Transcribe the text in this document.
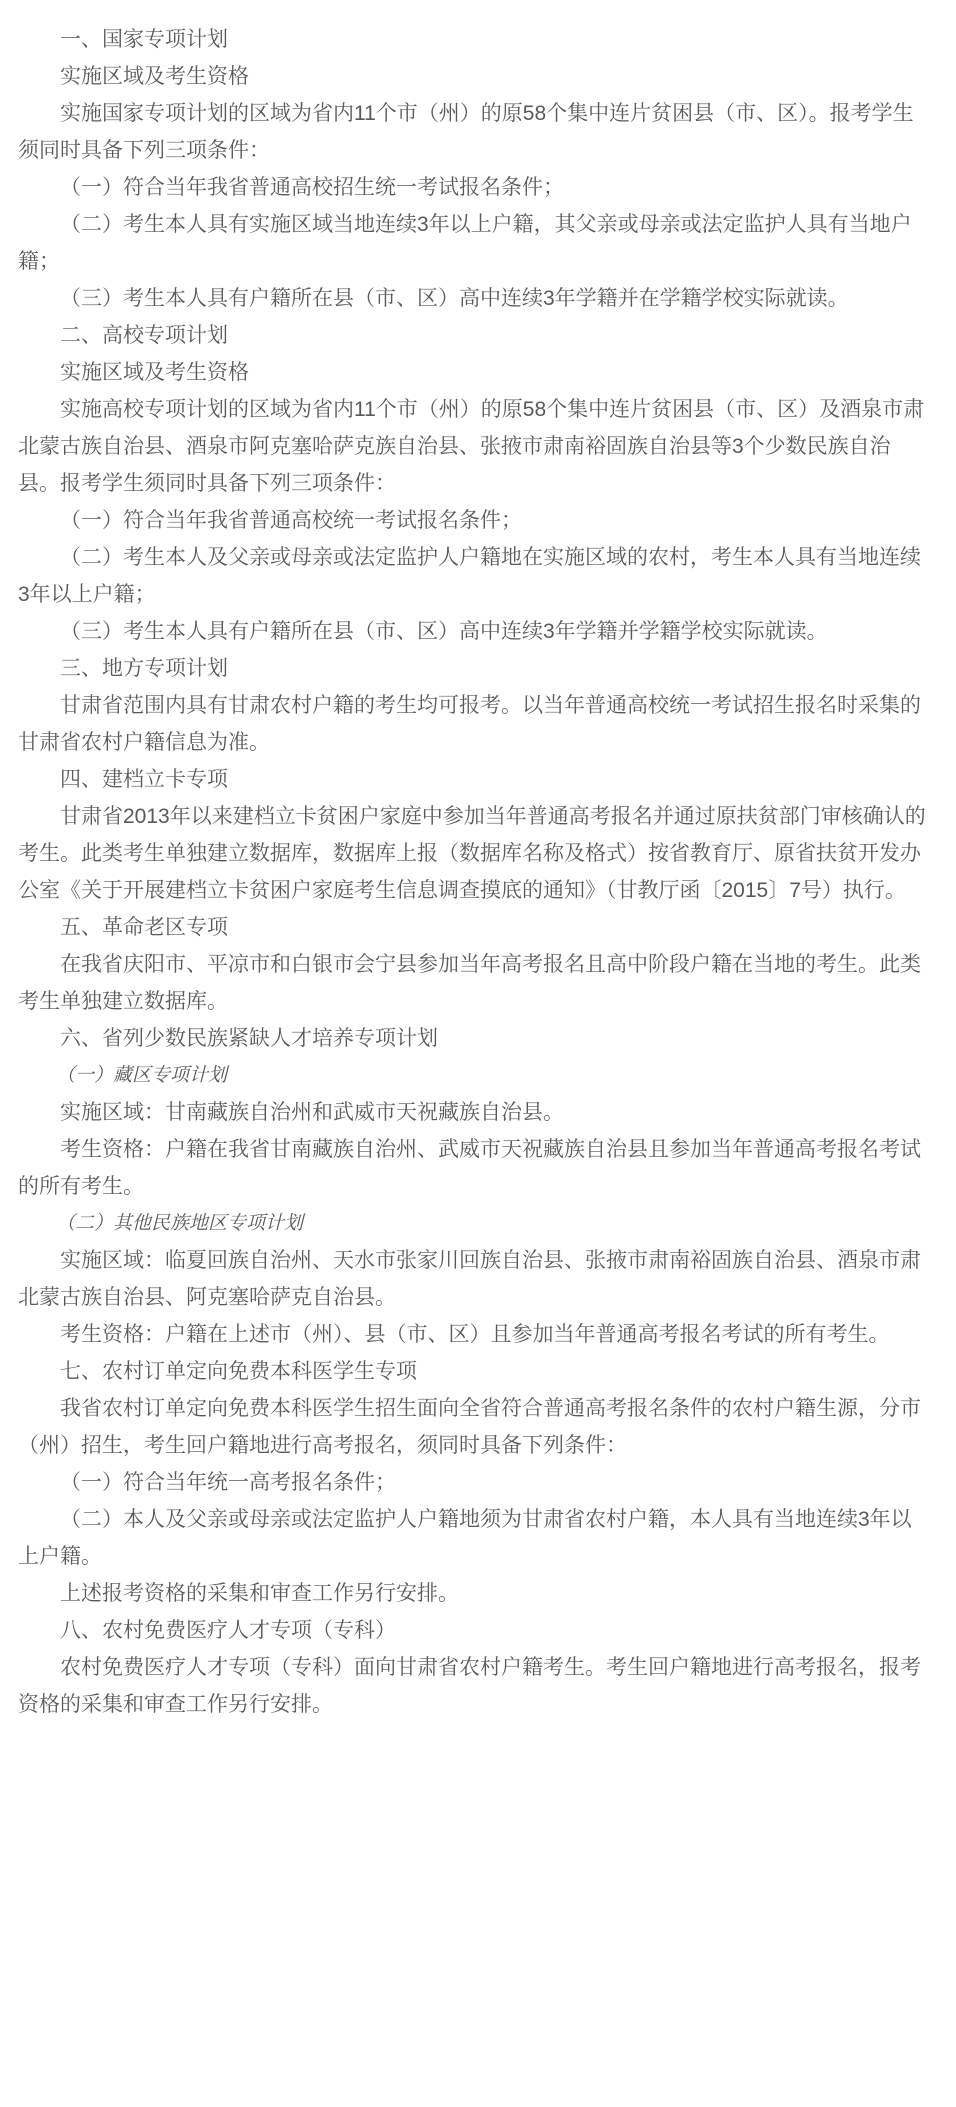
一、国家专项计划

实施区域及考生资格

实施国家专项计划的区域为省内11个市（州）的原58个集中连片贫困县（市、区）。报考学生须同时具备下列三项条件：

（一）符合当年我省普通高校招生统一考试报名条件；

（二）考生本人具有实施区域当地连续3年以上户籍，其父亲或母亲或法定监护人具有当地户籍；

（三）考生本人具有户籍所在县（市、区）高中连续3年学籍并在学籍学校实际就读。

二、高校专项计划

实施区域及考生资格

实施高校专项计划的区域为省内11个市（州）的原58个集中连片贫困县（市、区）及酒泉市肃北蒙古族自治县、酒泉市阿克塞哈萨克族自治县、张掖市肃南裕固族自治县等3个少数民族自治县。报考学生须同时具备下列三项条件：

（一）符合当年我省普通高校统一考试报名条件；

（二）考生本人及父亲或母亲或法定监护人户籍地在实施区域的农村，考生本人具有当地连续3年以上户籍；

（三）考生本人具有户籍所在县（市、区）高中连续3年学籍并学籍学校实际就读。

三、地方专项计划

甘肃省范围内具有甘肃农村户籍的考生均可报考。以当年普通高校统一考试招生报名时采集的甘肃省农村户籍信息为准。

四、建档立卡专项

甘肃省2013年以来建档立卡贫困户家庭中参加当年普通高考报名并通过原扶贫部门审核确认的考生。此类考生单独建立数据库，数据库上报（数据库名称及格式）按省教育厅、原省扶贫开发办公室《关于开展建档立卡贫困户家庭考生信息调查摸底的通知》（甘教厅函〔2015〕7号）执行。

五、革命老区专项

在我省庆阳市、平凉市和白银市会宁县参加当年高考报名且高中阶段户籍在当地的考生。此类考生单独建立数据库。

六、省列少数民族紧缺人才培养专项计划

（一）藏区专项计划

实施区域：甘南藏族自治州和武威市天祝藏族自治县。

考生资格：户籍在我省甘南藏族自治州、武威市天祝藏族自治县且参加当年普通高考报名考试的所有考生。

（二）其他民族地区专项计划

实施区域：临夏回族自治州、天水市张家川回族自治县、张掖市肃南裕固族自治县、酒泉市肃北蒙古族自治县、阿克塞哈萨克自治县。

考生资格：户籍在上述市（州）、县（市、区）且参加当年普通高考报名考试的所有考生。

七、农村订单定向免费本科医学生专项

我省农村订单定向免费本科医学生招生面向全省符合普通高考报名条件的农村户籍生源，分市（州）招生，考生回户籍地进行高考报名，须同时具备下列条件：

（一）符合当年统一高考报名条件；

（二）本人及父亲或母亲或法定监护人户籍地须为甘肃省农村户籍，本人具有当地连续3年以上户籍。

上述报考资格的采集和审查工作另行安排。

八、农村免费医疗人才专项（专科）

农村免费医疗人才专项（专科）面向甘肃省农村户籍考生。考生回户籍地进行高考报名，报考资格的采集和审查工作另行安排。
